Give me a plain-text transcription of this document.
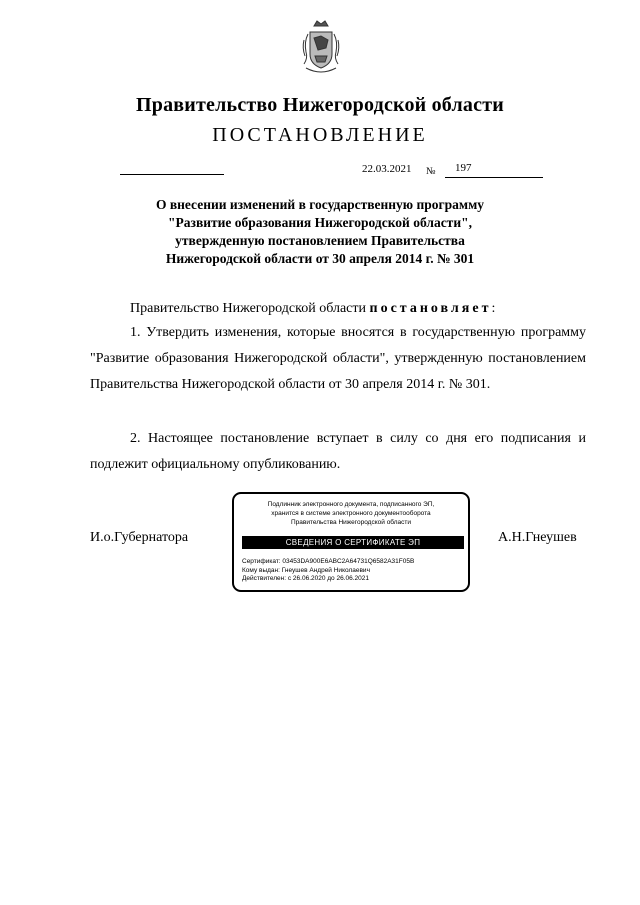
Правительство Нижегородской области
ПОСТАНОВЛЕНИЕ
22.03.2021 № 197
О внесении изменений в государственную программу
"Развитие образования Нижегородской области",
утвержденную постановлением Правительства
Нижегородской области от 30 апреля 2014 г. № 301
Правительство Нижегородской области постановляет:
1. Утвердить изменения, которые вносятся в государственную программу "Развитие образования Нижегородской области", утвержденную постановлением Правительства Нижегородской области от 30 апреля 2014 г. № 301.
2. Настоящее постановление вступает в силу со дня его подписания и подлежит официальному опубликованию.
И.о.Губернатора
Подлинник электронного документа, подписанного ЭП,
хранится в системе электронного документооборота
Правительства Нижегородской области
СВЕДЕНИЯ О СЕРТИФИКАТЕ ЭП
Сертификат: 03453DA900E6ABC2A64731Q6582A31F05B
Кому выдан: Гнеушев Андрей Николаевич
Действителен: с 26.06.2020 до 26.06.2021
А.Н.Гнеушев
